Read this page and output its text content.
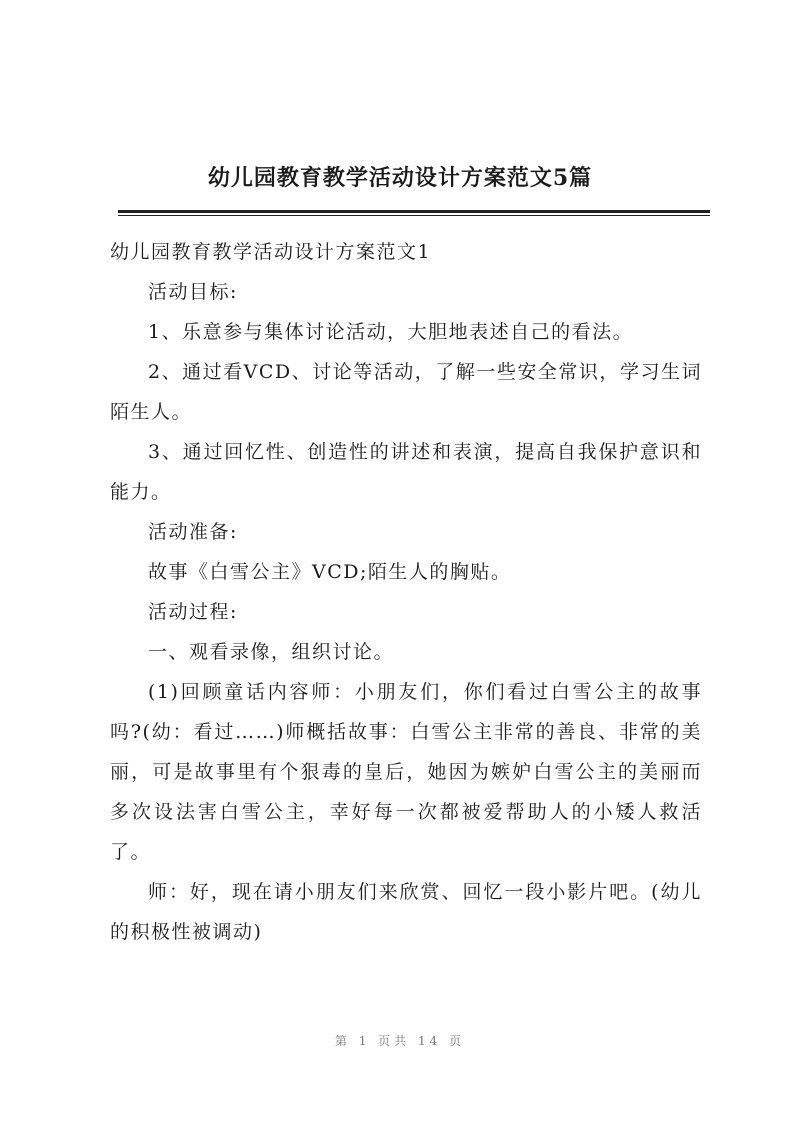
幼儿园教育教学活动设计方案范文5篇

幼儿园教育教学活动设计方案范文1

活动目标:

1、乐意参与集体讨论活动，大胆地表述自己的看法。

2、通过看VCD、讨论等活动，了解一些安全常识，学习生词陌生人。

3、通过回忆性、创造性的讲述和表演，提高自我保护意识和能力。

活动准备:

故事《白雪公主》VCD;陌生人的胸贴。

活动过程:

一、观看录像，组织讨论。

(1)回顾童话内容师：小朋友们，你们看过白雪公主的故事吗?(幼：看过……)师概括故事：白雪公主非常的善良、非常的美丽，可是故事里有个狠毒的皇后，她因为嫉妒白雪公主的美丽而多次设法害白雪公主，幸好每一次都被爱帮助人的小矮人救活了。

师：好，现在请小朋友们来欣赏、回忆一段小影片吧。(幼儿的积极性被调动)

第 1 页共 14 页
